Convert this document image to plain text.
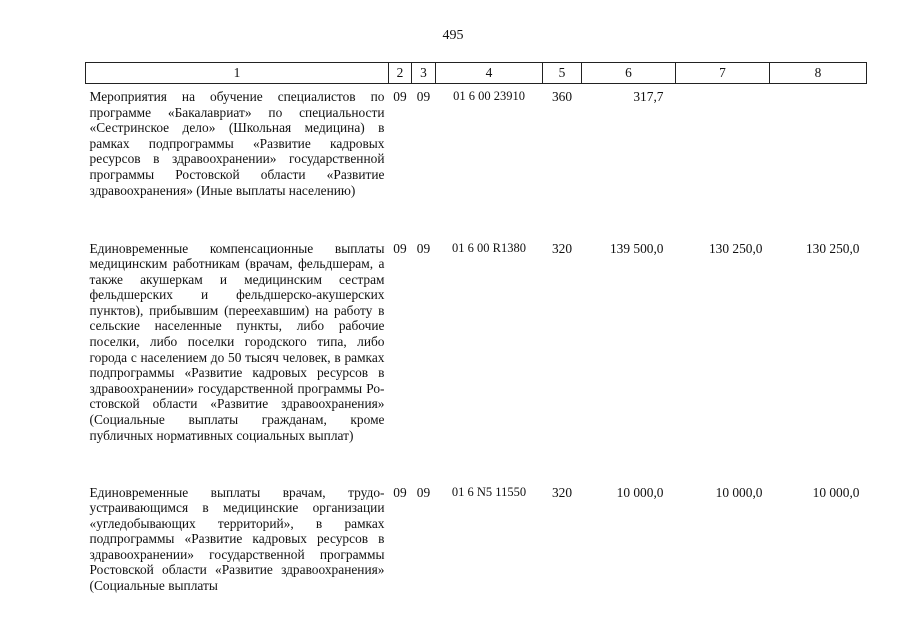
495
1	2	3	4	5	6	7	8
Мероприятия на обучение специалистов по программе «Бакалавриат» по специальности «Сестринское дело» (Школьная медицина) в рамках подпрограммы «Развитие кадровых ресурсов в здравоохранении» государственной программы Ростовской области «Развитие здравоохранения» (Иные выплаты населению)	09	09	01 6 00 23910	360	317,7		
Единовременные компенсационные выплаты медицинским работникам (врачам, фельдшерам, а также акушеркам и медицинским сестрам фельдшерских и фельдшерско-акушерских пунктов), прибывшим (переехавшим) на работу в сельские населенные пункты, либо рабочие поселки, либо поселки городского типа, либо города с населением до 50 тысяч человек, в рамках подпрограммы «Развитие кадровых ресурсов в здравоохранении» государственной программы Ростовской области «Развитие здравоохранения» (Социальные выплаты гражданам, кроме публичных нормативных социальных выплат)	09	09	01 6 00 R1380	320	139 500,0	130 250,0	130 250,0
Единовременные выплаты врачам, трудоустраивающимся в медицинские организации «угледобывающих территорий», в рамках подпрограммы «Развитие кадровых ресурсов в здравоохранении» государственной программы Ростовской области «Развитие здравоохранения» (Социальные выплаты	09	09	01 6 N5 11550	320	10 000,0	10 000,0	10 000,0
